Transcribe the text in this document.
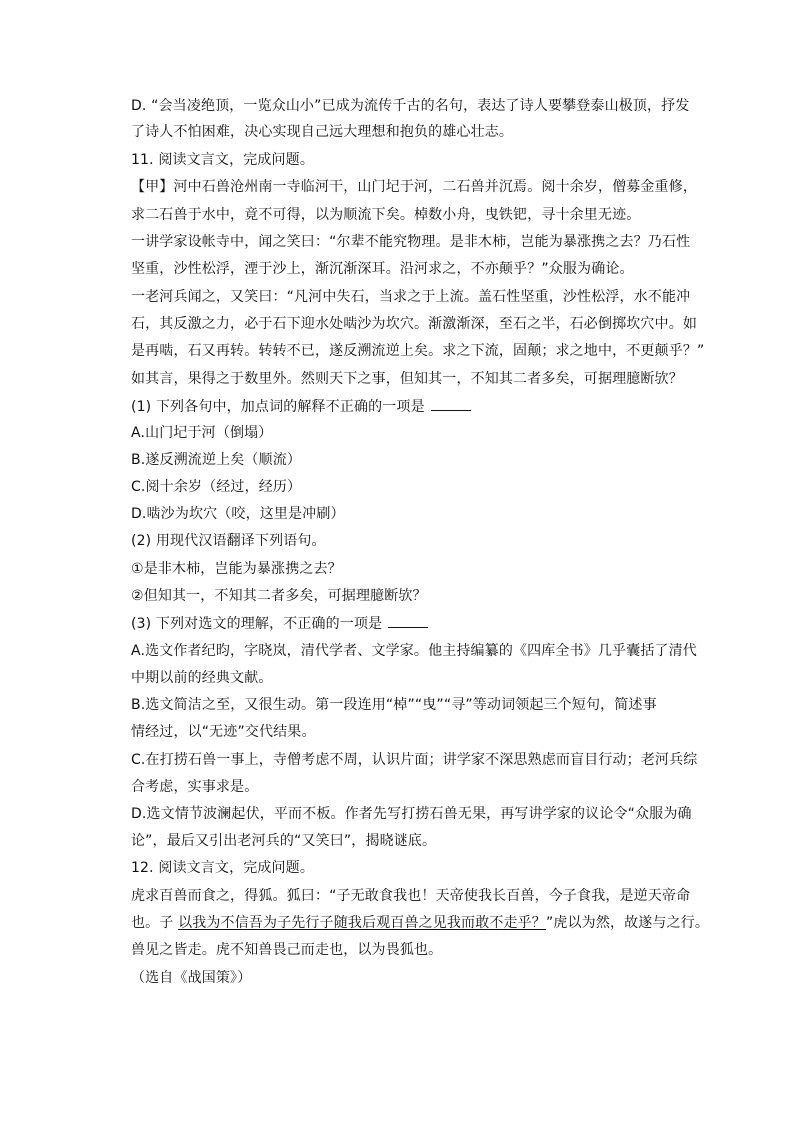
D. “会当凌绝顶，一览众山小”已成为流传千古的名句，表达了诗人要攀登泰山极顶，抒发
了诗人不怕困难，决心实现自己远大理想和抱负的雄心壮志。
11. 阅读文言文，完成问题。
【甲】河中石兽沧州南一寺临河干，山门圮于河，二石兽并沉焉。阅十余岁，僧募金重修，
求二石兽于水中，竟不可得，以为顺流下矣。棹数小舟，曳铁钯，寻十余里无迹。
一讲学家设帐寺中，闻之笑曰：“尔辈不能究物理。是非木柿，岂能为暴涨携之去？乃石性
坚重，沙性松浮，湮于沙上，渐沉渐深耳。沿河求之，不亦颠乎？”众服为确论。
一老河兵闻之，又笑曰：“凡河中失石，当求之于上流。盖石性坚重，沙性松浮，水不能冲
石，其反激之力，必于石下迎水处啮沙为坎穴。渐激渐深，至石之半，石必倒掷坎穴中。如
是再啮，石又再转。转转不已，遂反溯流逆上矣。求之下流，固颠；求之地中，不更颠乎？”
如其言，果得之于数里外。然则天下之事，但知其一，不知其二者多矣，可据理臆断欤？
(1) 下列各句中，加点词的解释不正确的一项是
A.山门圮于河（倒塌）
B.遂反溯流逆上矣（顺流）
C.阅十余岁（经过，经历）
D.啮沙为坎穴（咬，这里是冲刷）
(2) 用现代汉语翻译下列语句。
①是非木柿，岂能为暴涨携之去？
②但知其一，不知其二者多矣，可据理臆断欤？
(3) 下列对选文的理解，不正确的一项是
A.选文作者纪昀，字晓岚，清代学者、文学家。他主持编纂的《四库全书》几乎囊括了清代
中期以前的经典文献。
B.选文简洁之至，又很生动。第一段连用“棹”“曳”“寻”等动词领起三个短句，简述事
情经过，以“无迹”交代结果。
C.在打捞石兽一事上，寺僧考虑不周，认识片面；讲学家不深思熟虑而盲目行动；老河兵综
合考虑，实事求是。
D.选文情节波澜起伏，平而不板。作者先写打捞石兽无果，再写讲学家的议论令“众服为确
论”，最后又引出老河兵的“又笑曰”，揭晓谜底。
12. 阅读文言文，完成问题。
虎求百兽而食之，得狐。狐曰：“子无敢食我也！天帝使我长百兽，今子食我，是逆天帝命
也。子 以我为不信吾为子先行子随我后观百兽之见我而敢不走乎？”虎以为然，故遂与之行。
兽见之皆走。虎不知兽畏己而走也，以为畏狐也。
（选自《战国策》）
